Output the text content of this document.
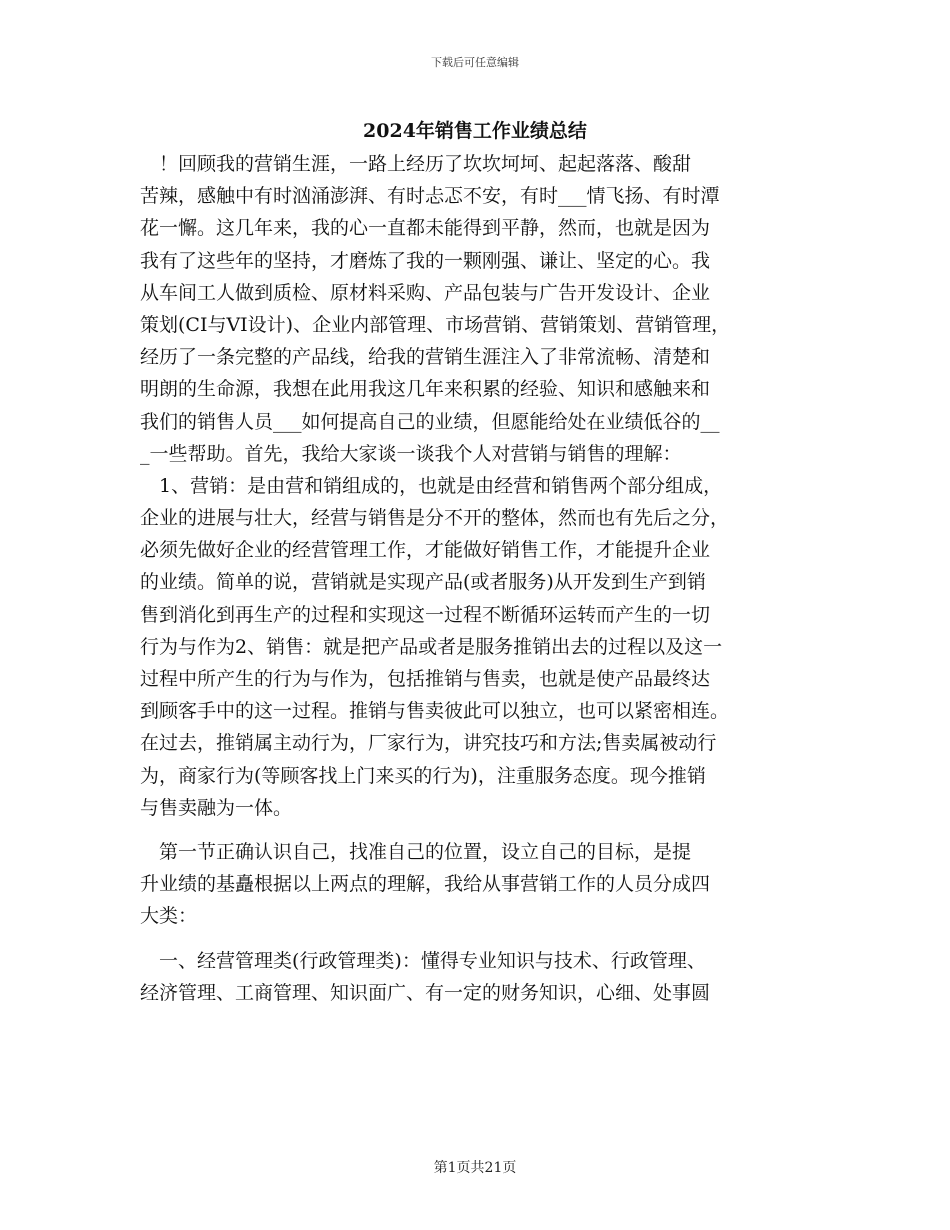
下载后可任意编辑
2024年销售工作业绩总结
　！回顾我的营销生涯，一路上经历了坎坎坷坷、起起落落、酸甜
苦辣，感触中有时汹涌澎湃、有时忐忑不安，有时___情飞扬、有时潭
花一懈。这几年来，我的心一直都未能得到平静，然而，也就是因为
我有了这些年的坚持，才磨炼了我的一颗刚强、谦让、坚定的心。我
从车间工人做到质检、原材料采购、产品包装与广告开发设计、企业
策划(CI与VI设计)、企业内部管理、市场营销、营销策划、营销管理，
经历了一条完整的产品线，给我的营销生涯注入了非常流畅、清楚和
明朗的生命源，我想在此用我这几年来积累的经验、知识和感触来和
我们的销售人员___如何提高自己的业绩，但愿能给处在业绩低谷的__
_一些帮助。首先，我给大家谈一谈我个人对营销与销售的理解：
　1、营销：是由营和销组成的，也就是由经营和销售两个部分组成，
企业的进展与壮大，经营与销售是分不开的整体，然而也有先后之分，
必须先做好企业的经营管理工作，才能做好销售工作，才能提升企业
的业绩。简单的说，营销就是实现产品(或者服务)从开发到生产到销
售到消化到再生产的过程和实现这一过程不断循环运转而产生的一切
行为与作为2、销售：就是把产品或者是服务推销出去的过程以及这一
过程中所产生的行为与作为，包括推销与售卖，也就是使产品最终达
到顾客手中的这一过程。推销与售卖彼此可以独立，也可以紧密相连。
在过去，推销属主动行为，厂家行为，讲究技巧和方法;售卖属被动行
为，商家行为(等顾客找上门来买的行为)，注重服务态度。现今推销
与售卖融为一体。
　第一节正确认识自己，找准自己的位置，设立自己的目标，是提
升业绩的基矗根据以上两点的理解，我给从事营销工作的人员分成四
大类：
　一、经营管理类(行政管理类)：懂得专业知识与技术、行政管理、
经济管理、工商管理、知识面广、有一定的财务知识，心细、处事圆
第1页共21页
